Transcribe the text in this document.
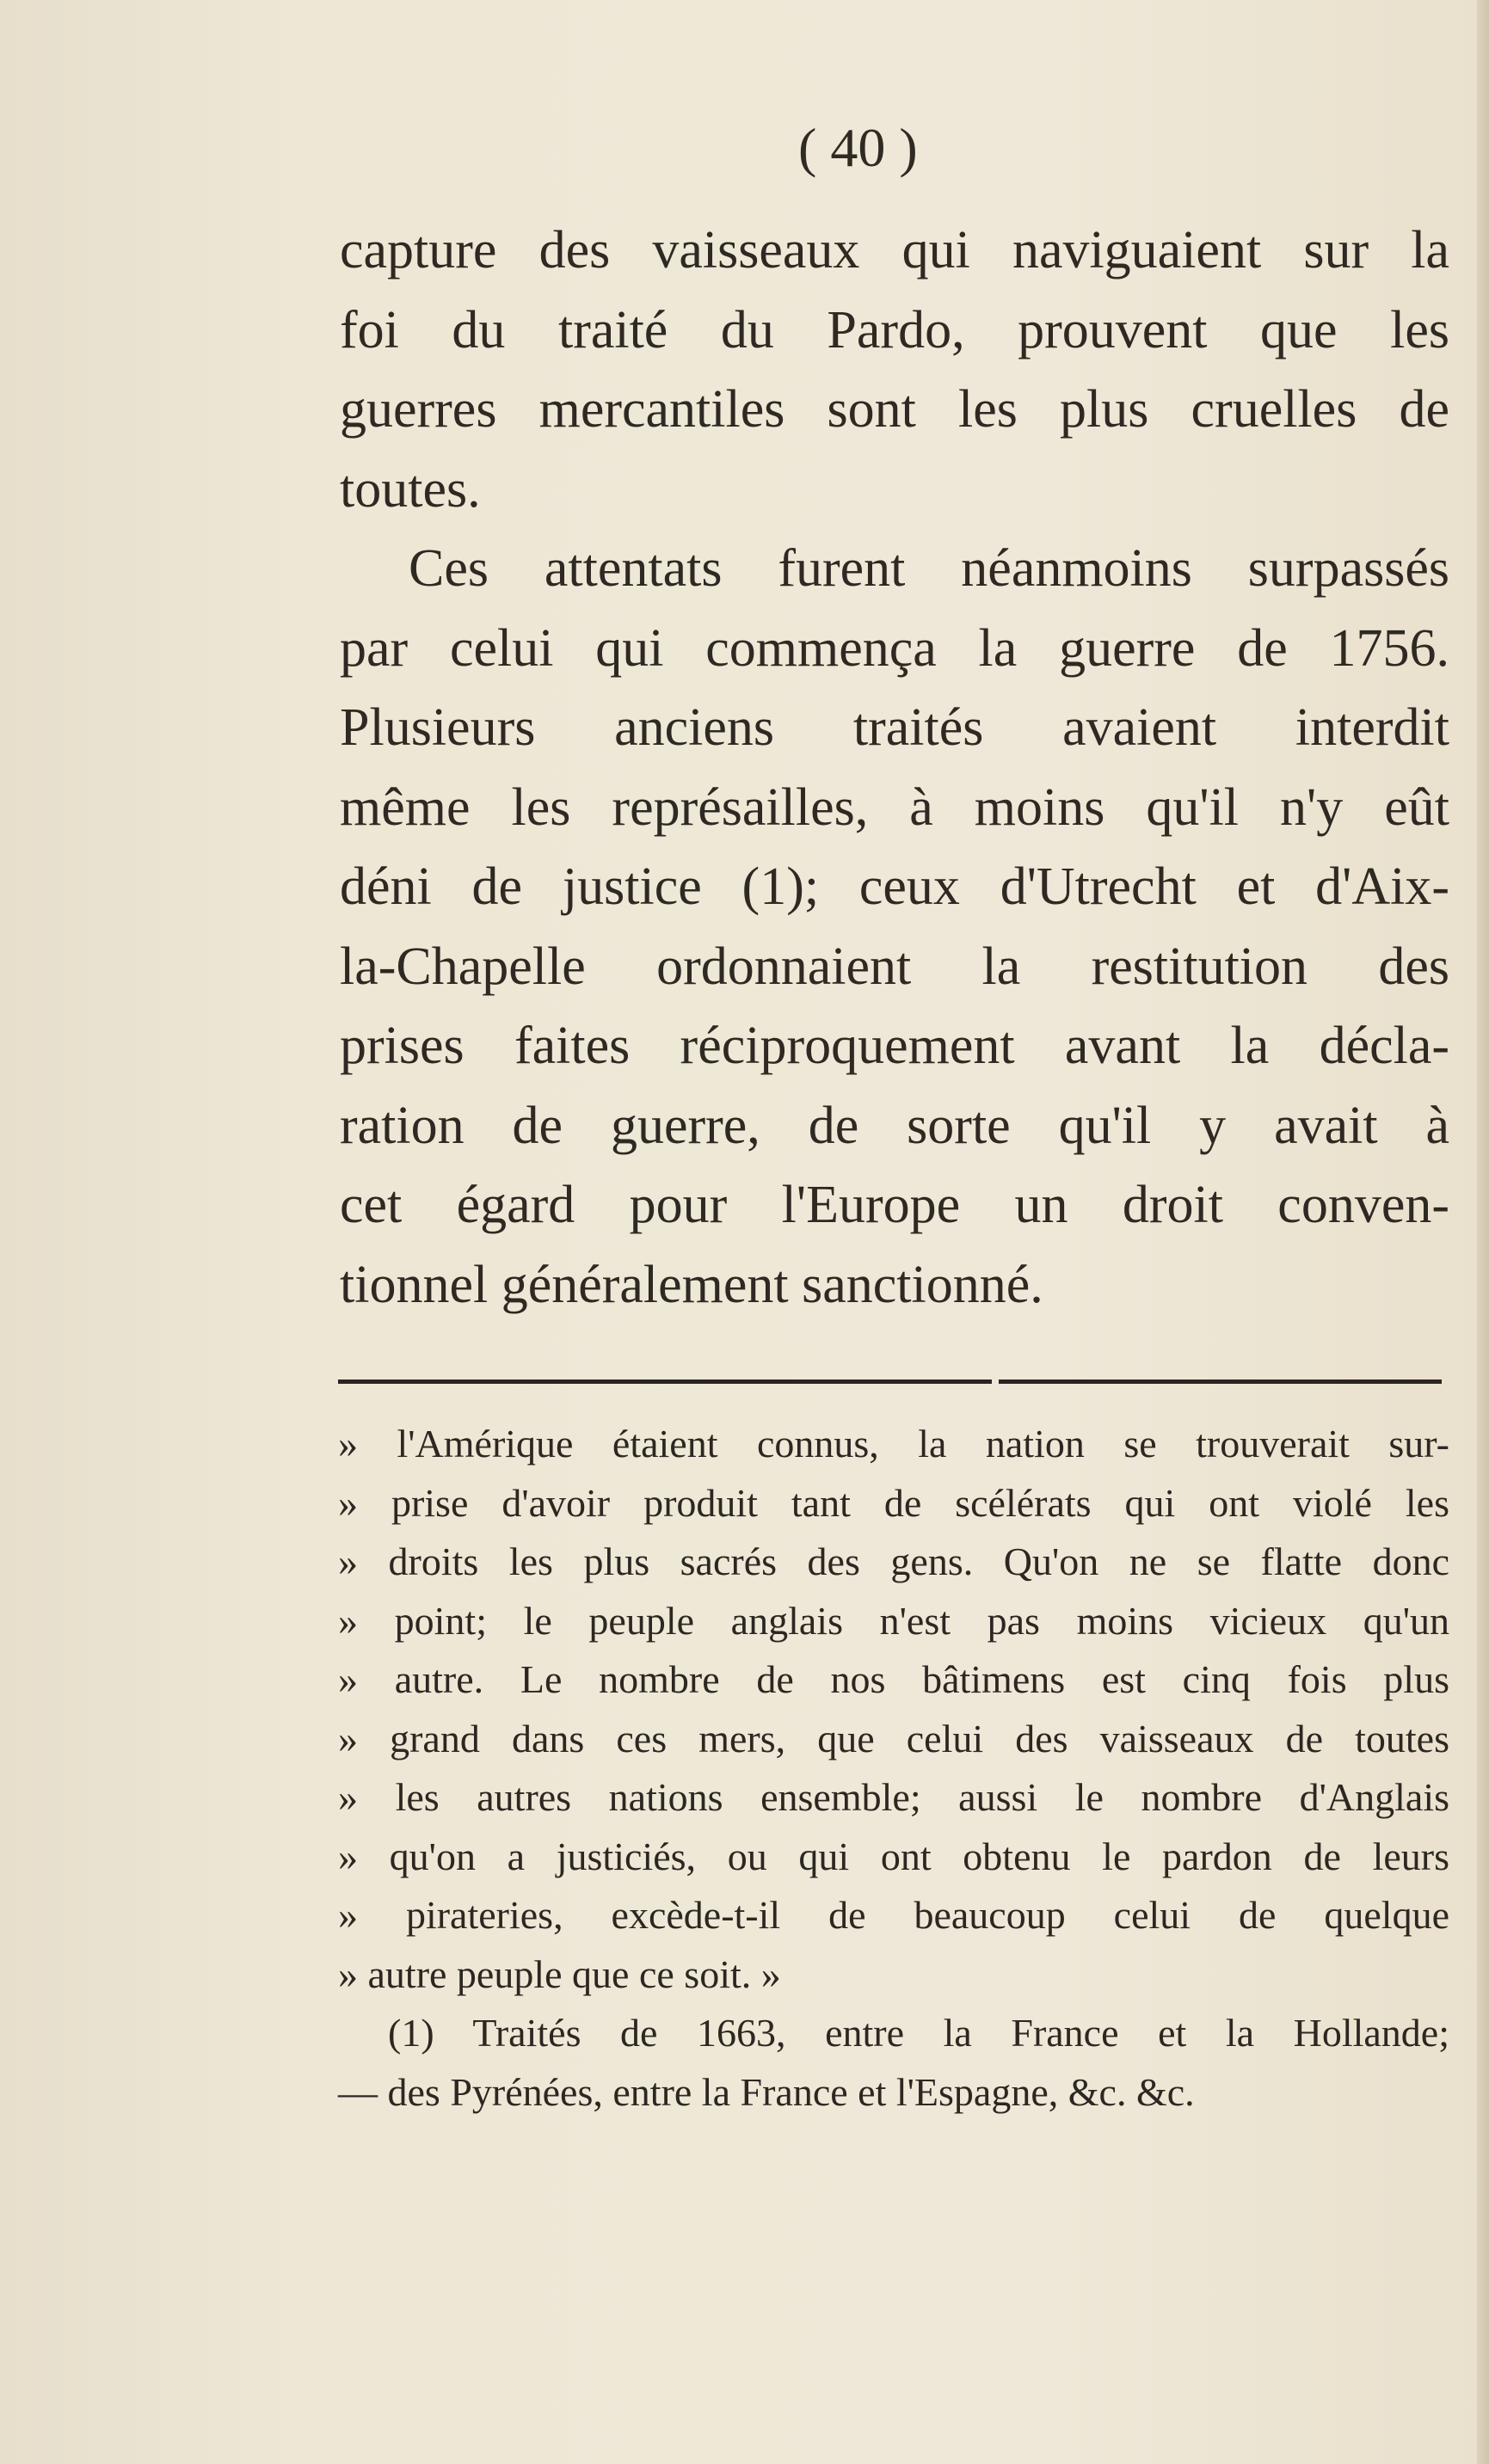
( 40 )
capture des vaisseaux qui naviguaient sur la
foi du traité du Pardo, prouvent que les
guerres mercantiles sont les plus cruelles de
toutes.
Ces attentats furent néanmoins surpassés
par celui qui commença la guerre de 1756.
Plusieurs anciens traités avaient interdit
même les représailles, à moins qu'il n'y eût
déni de justice (1); ceux d'Utrecht et d'Aix-
la-Chapelle ordonnaient la restitution des
prises faites réciproquement avant la décla-
ration de guerre, de sorte qu'il y avait à
cet égard pour l'Europe un droit conven-
tionnel généralement sanctionné.
» l'Amérique étaient connus, la nation se trouverait sur-
» prise d'avoir produit tant de scélérats qui ont violé les
» droits les plus sacrés des gens. Qu'on ne se flatte donc
» point; le peuple anglais n'est pas moins vicieux qu'un
» autre. Le nombre de nos bâtimens est cinq fois plus
» grand dans ces mers, que celui des vaisseaux de toutes
» les autres nations ensemble; aussi le nombre d'Anglais
» qu'on a justiciés, ou qui ont obtenu le pardon de leurs
» pirateries, excède-t-il de beaucoup celui de quelque
» autre peuple que ce soit. »
(1) Traités de 1663, entre la France et la Hollande;
— des Pyrénées, entre la France et l'Espagne, &c. &c.
